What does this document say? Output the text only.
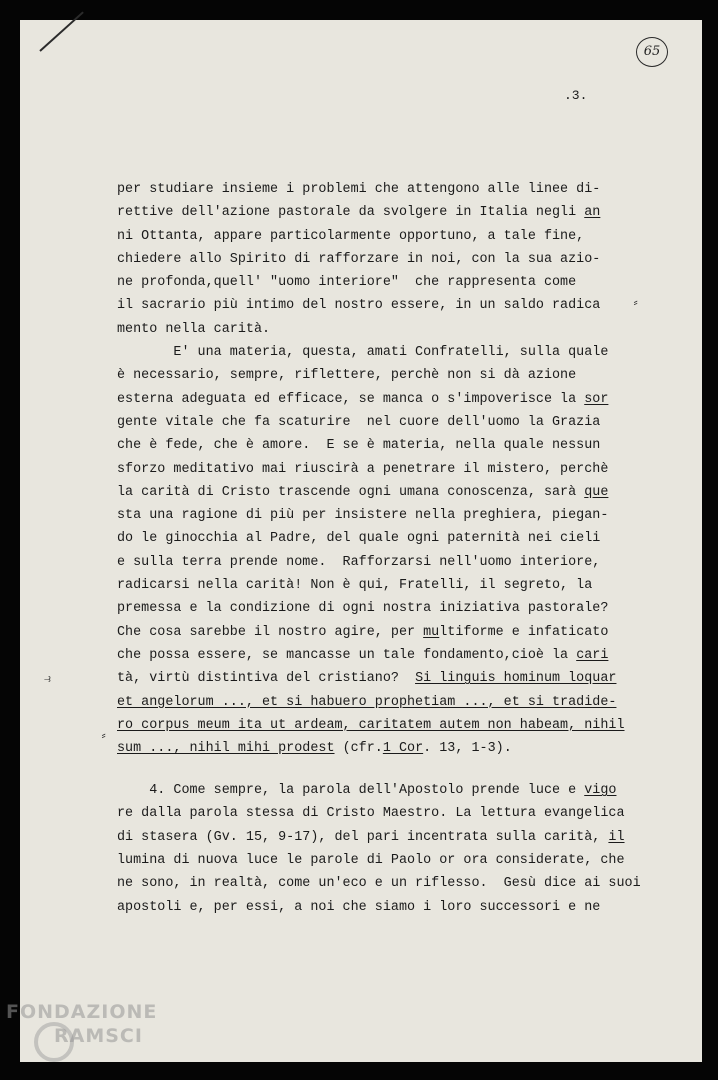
65
.3.
per studiare insieme i problemi che attengono alle linee di-
rettive dell'azione pastorale da svolgere in Italia negli an
ni Ottanta, appare particolarmente opportuno, a tale fine,
chiedere allo Spirito di rafforzare in noi, con la sua azio-
ne profonda,quell' "uomo interiore"  che rappresenta come
il sacrario più intimo del nostro essere, in un saldo radica
mento nella carità.
E' una materia, questa, amati Confratelli, sulla quale
è necessario, sempre, riflettere, perchè non si dà azione
esterna adeguata ed efficace, se manca o s'impoverisce la sor
gente vitale che fa scaturire  nel cuore dell'uomo la Grazia
che è fede, che è amore.  E se è materia, nella quale nessun
sforzo meditativo mai riuscirà a penetrare il mistero, perchè
la carità di Cristo trascende ogni umana conoscenza, sarà que
sta una ragione di più per insistere nella preghiera, piegan-
do le ginocchia al Padre, del quale ogni paternità nei cieli
e sulla terra prende nome.  Rafforzarsi nell'uomo interiore,
radicarsi nella carità! Non è qui, Fratelli, il segreto, la
premessa e la condizione di ogni nostra iniziativa pastorale?
Che cosa sarebbe il nostro agire, per multiforme e infaticato
che possa essere, se mancasse un tale fondamento,cioè la cari
tà, virtù distintiva del cristiano?  Si linguis hominum loquar
et angelorum ..., et si habuero prophetiam ..., et si tradide-
ro corpus meum ita ut ardeam, caritatem autem non habeam, nihil
sum ..., nihil mihi prodest (cfr.1 Cor. 13, 1-3).
4. Come sempre, la parola dell'Apostolo prende luce e vigo
re dalla parola stessa di Cristo Maestro. La lettura evangelica
di stasera (Gv. 15, 9-17), del pari incentrata sulla carità, il
lumina di nuova luce le parole di Paolo or ora considerate, che
ne sono, in realtà, come un'eco e un riflesso.  Gesù dice ai suoi
apostoli e, per essi, a noi che siamo i loro successori e ne
⸗
⥽
⸗
FONDAZIONE
RAMSCI
